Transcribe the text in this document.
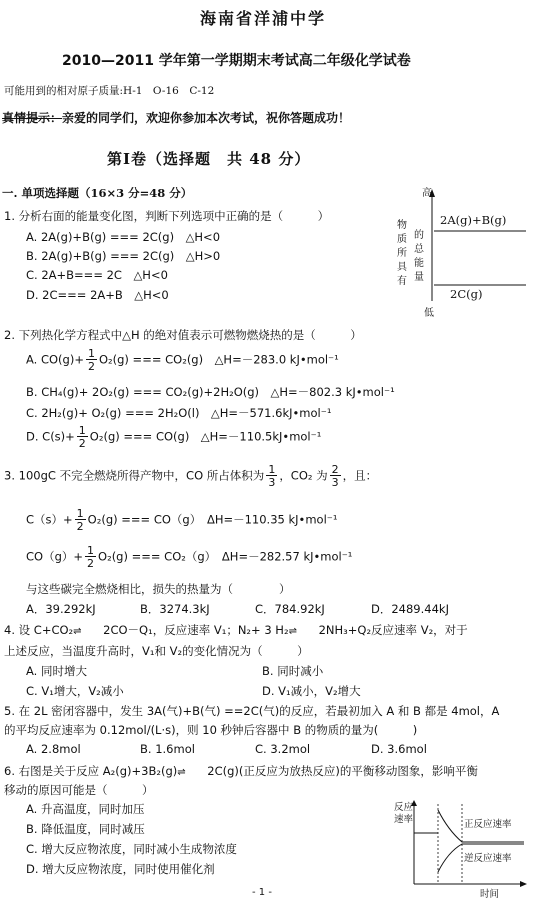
海南省洋浦中学
2010—2011 学年第一学期期末考试高二年级化学试卷
可能用到的相对原子质量:H-1　O-16　C-12
真情提示：亲爱的同学们，欢迎你参加本次考试，祝你答题成功！
第Ⅰ卷（选择题　共 48 分）
一. 单项选择题（16×3 分=48 分）
1. 分析右面的能量变化图，判断下列选项中正确的是（　　　）
A. 2A(g)+B(g) === 2C(g)　△H<0
B. 2A(g)+B(g) === 2C(g)　△H>0
C. 2A+B=== 2C　△H<0
D. 2C=== 2A+B　△H<0
高
低
物
质
所
具
有
的
总
能
量
2A(g)+B(g)
2C(g)
2. 下列热化学方程式中△H 的绝对值表示可燃物燃烧热的是（　　　）
A. $CO(g)+ \frac{1}{2} O_2(g)$ === CO₂(g)　△H=－283.0 kJ•mol⁻¹
B. CH₄(g)+ 2O₂(g) === CO₂(g)+2H₂O(g)　△H=－802.3 kJ•mol⁻¹
C. 2H₂(g)+ O₂(g) === 2H₂O(l)　△H=－571.6kJ•mol⁻¹
D. $C(s)+ \frac{1}{2} O_2(g)$ === CO(g)　△H=－110.5kJ•mol⁻¹
3. 100gC 不完全燃烧所得产物中，CO 所占体积为 $\frac{1}{3}$ ，CO₂ 为 $\frac{2}{3}$ ，且：
$C(s)+ \frac{1}{2} O_2(g)$ === CO（g）　ΔH=－110.35 kJ•mol⁻¹
$CO(g)+ \frac{1}{2} O_2(g)$ === CO₂（g）　ΔH=－282.57 kJ•mol⁻¹
与这些碳完全燃烧相比，损失的热量为（　　　　）
A．39.292kJ	B．3274.3kJ	C．784.92kJ	D．2489.44kJ
4. 设 C+CO₂⇌ 2CO－Q₁，反应速率 V₁；N₂+ 3 H₂⇌ 2NH₃+Q₂反应速率 V₂，对于
上述反应，当温度升高时，V₁和 V₂的变化情况为（　　　）
A. 同时增大	B. 同时减小
C. V₁增大，V₂减小	D. V₁减小，V₂增大
5. 在 2L 密闭容器中，发生 3A(气)+B(气) ==2C(气)的反应，若最初加入 A 和 B 都是 4mol，A
的平均反应速率为 0.12mol/(L·s)，则 10 秒钟后容器中 B 的物质的量为(　　　)
A. 2.8mol	B. 1.6mol	C. 3.2mol	D. 3.6mol
6. 右图是关于反应 A₂(g)+3B₂(g)⇌ 2C(g)(正反应为放热反应)的平衡移动图象，影响平衡
移动的原因可能是（　　　）
A. 升高温度，同时加压
B. 降低温度，同时减压
C. 增大反应物浓度，同时减小生成物浓度
D. 增大反应物浓度，同时使用催化剂
反应
速率	正反应速率
逆反应速率
时间
- 1 -
